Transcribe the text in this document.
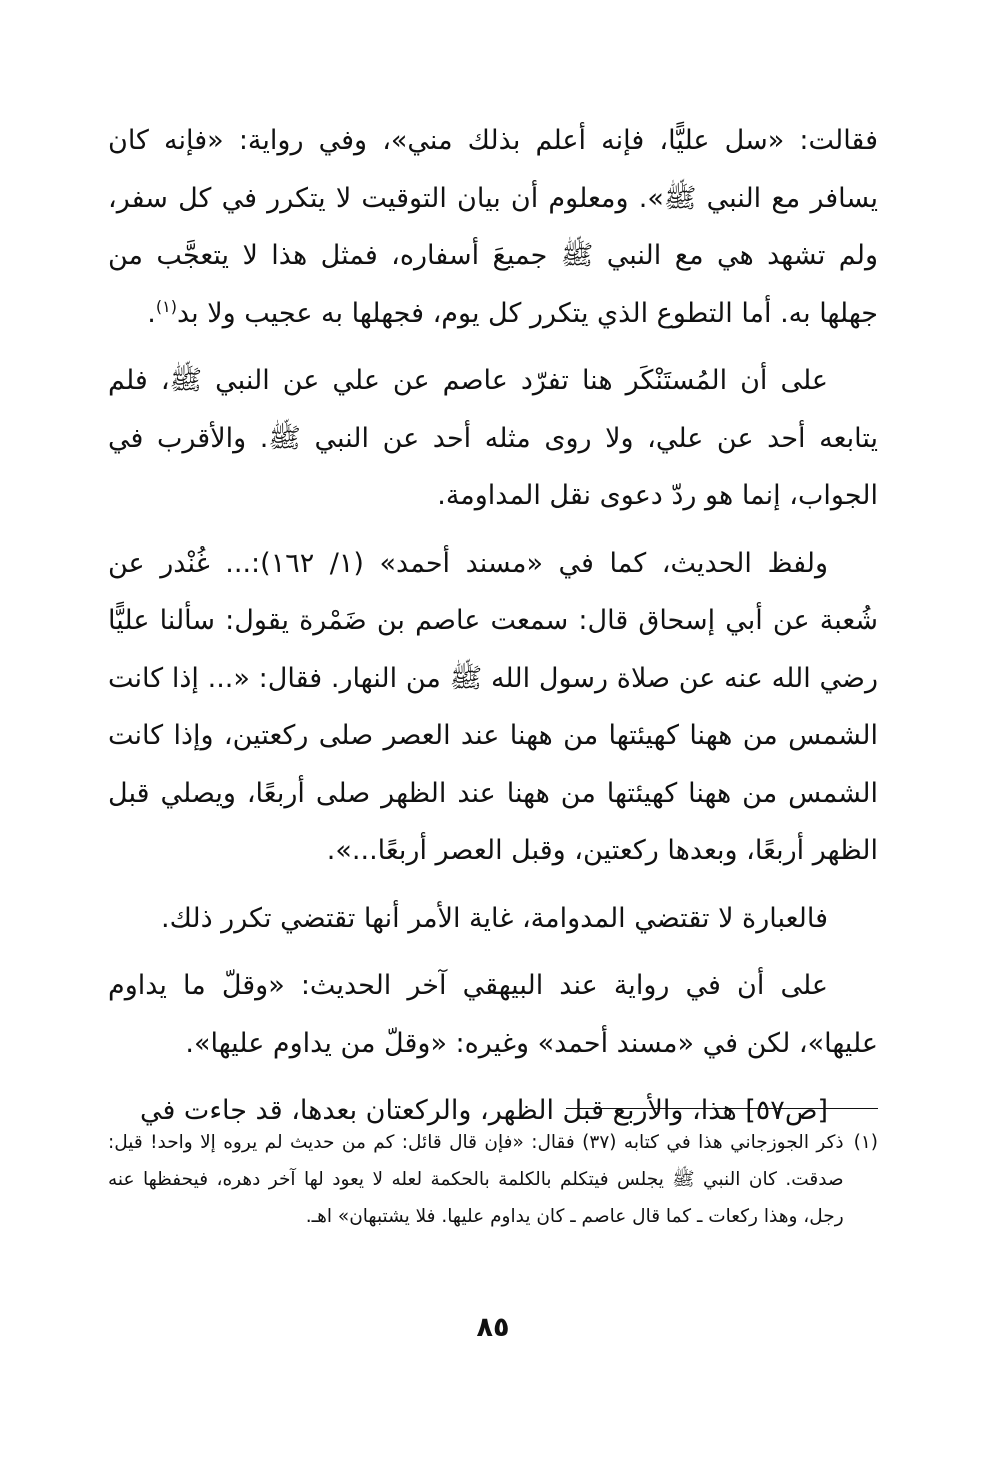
فقالت: «سل عليًّا، فإنه أعلم بذلك مني»، وفي رواية: «فإنه كان يسافر مع النبي ﷺ». ومعلوم أن بيان التوقيت لا يتكرر في كل سفر، ولم تشهد هي مع النبي ﷺ جميعَ أسفاره، فمثل هذا لا يتعجَّب من جهلها به. أما التطوع الذي يتكرر كل يوم، فجهلها به عجيب ولا بد$^{(١)}$.

على أن المُستَنْكَر هنا تفرّد عاصم عن علي عن النبي ﷺ، فلم يتابعه أحد عن علي، ولا روى مثله أحد عن النبي ﷺ. والأقرب في الجواب، إنما هو ردّ دعوى نقل المداومة.

ولفظ الحديث، كما في «مسند أحمد» (١/ ١٦٢):... غُنْدر عن شُعبة عن أبي إسحاق قال: سمعت عاصم بن ضَمْرة يقول: سألنا عليًّا رضي الله عنه عن صلاة رسول الله ﷺ من النهار. فقال: «... إذا كانت الشمس من ههنا كهيئتها من ههنا عند العصر صلى ركعتين، وإذا كانت الشمس من ههنا كهيئتها من ههنا عند الظهر صلى أربعًا، ويصلي قبل الظهر أربعًا، وبعدها ركعتين، وقبل العصر أربعًا...».

فالعبارة لا تقتضي المدوامة، غاية الأمر أنها تقتضي تكرر ذلك.

على أن في رواية عند البيهقي آخر الحديث: «وقلّ ما يداوم عليها»، لكن في «مسند أحمد» وغيره: «وقلّ من يداوم عليها».

[ص٥٧] هذا، والأربع قبل الظهر، والركعتان بعدها، قد جاءت في

(١)
ذكر الجوزجاني هذا في كتابه (٣٧) فقال: «فإن قال قائل: كم من حديث لم يروه إلا واحد! قيل: صدقت. كان النبي ﷺ يجلس فيتكلم بالكلمة بالحكمة لعله لا يعود لها آخر دهره، فيحفظها عنه رجل، وهذا ركعات ـ كما قال عاصم ـ كان يداوم عليها. فلا يشتبهان» اهـ.
٨٥
